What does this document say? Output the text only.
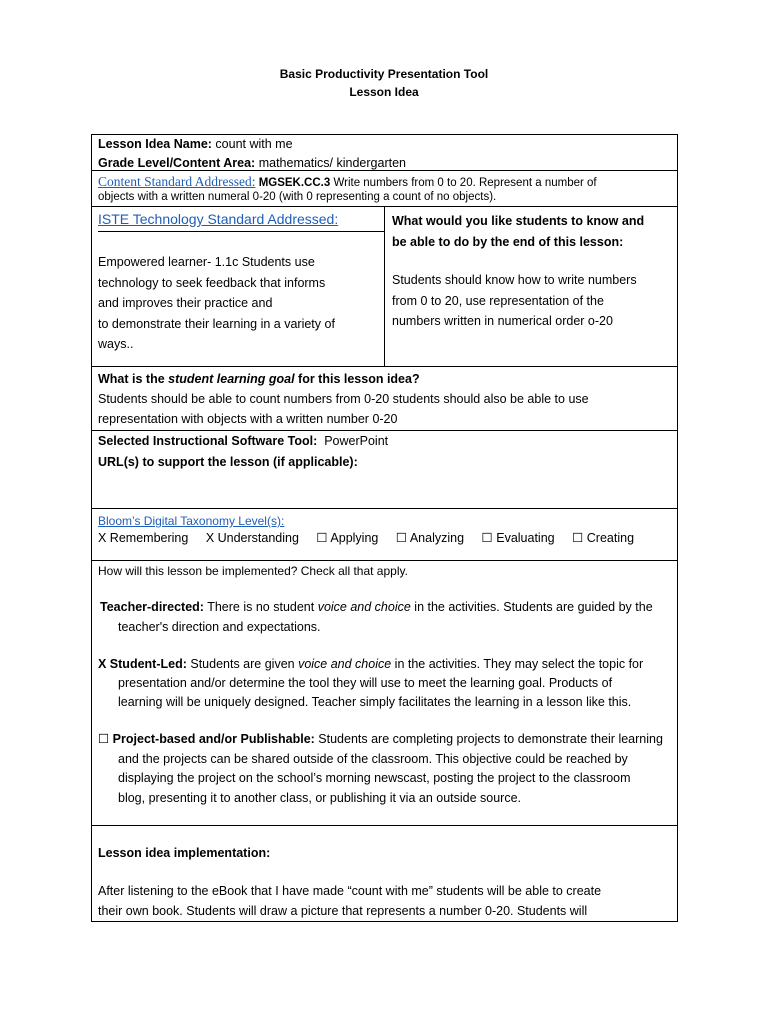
Basic Productivity Presentation Tool
Lesson Idea
Lesson Idea Name: count with me
Grade Level/Content Area: mathematics/ kindergarten
Content Standard Addressed: MGSEK.CC.3 Write numbers from 0 to 20. Represent a number of
objects with a written numeral 0-20 (with 0 representing a count of no objects).
ISTE Technology Standard Addressed:
Empowered learner- 1.1c Students use
technology to seek feedback that informs
and improves their practice and
to demonstrate their learning in a variety of
ways..
What would you like students to know and
be able to do by the end of this lesson:
Students should know how to write numbers
from 0 to 20, use representation of the
numbers written in numerical order o-20
What is the student learning goal for this lesson idea?
Students should be able to count numbers from 0-20 students should also be able to use
representation with objects with a written number 0-20
Selected Instructional Software Tool: PowerPoint
URL(s) to support the lesson (if applicable):
Bloom’s Digital Taxonomy Level(s):
X Remembering X Understanding ☐ Applying ☐ Analyzing ☐ Evaluating ☐ Creating
How will this lesson be implemented? Check all that apply.
Teacher-directed: There is no student voice and choice in the activities. Students are guided by the
teacher's direction and expectations.
X Student-Led: Students are given voice and choice in the activities. They may select the topic for
presentation and/or determine the tool they will use to meet the learning goal. Products of
learning will be uniquely designed. Teacher simply facilitates the learning in a lesson like this.
☐ Project-based and/or Publishable: Students are completing projects to demonstrate their learning
and the projects can be shared outside of the classroom. This objective could be reached by
displaying the project on the school’s morning newscast, posting the project to the classroom
blog, presenting it to another class, or publishing it via an outside source.
Lesson idea implementation:
After listening to the eBook that I have made “count with me” students will be able to create
their own book. Students will draw a picture that represents a number 0-20. Students will
